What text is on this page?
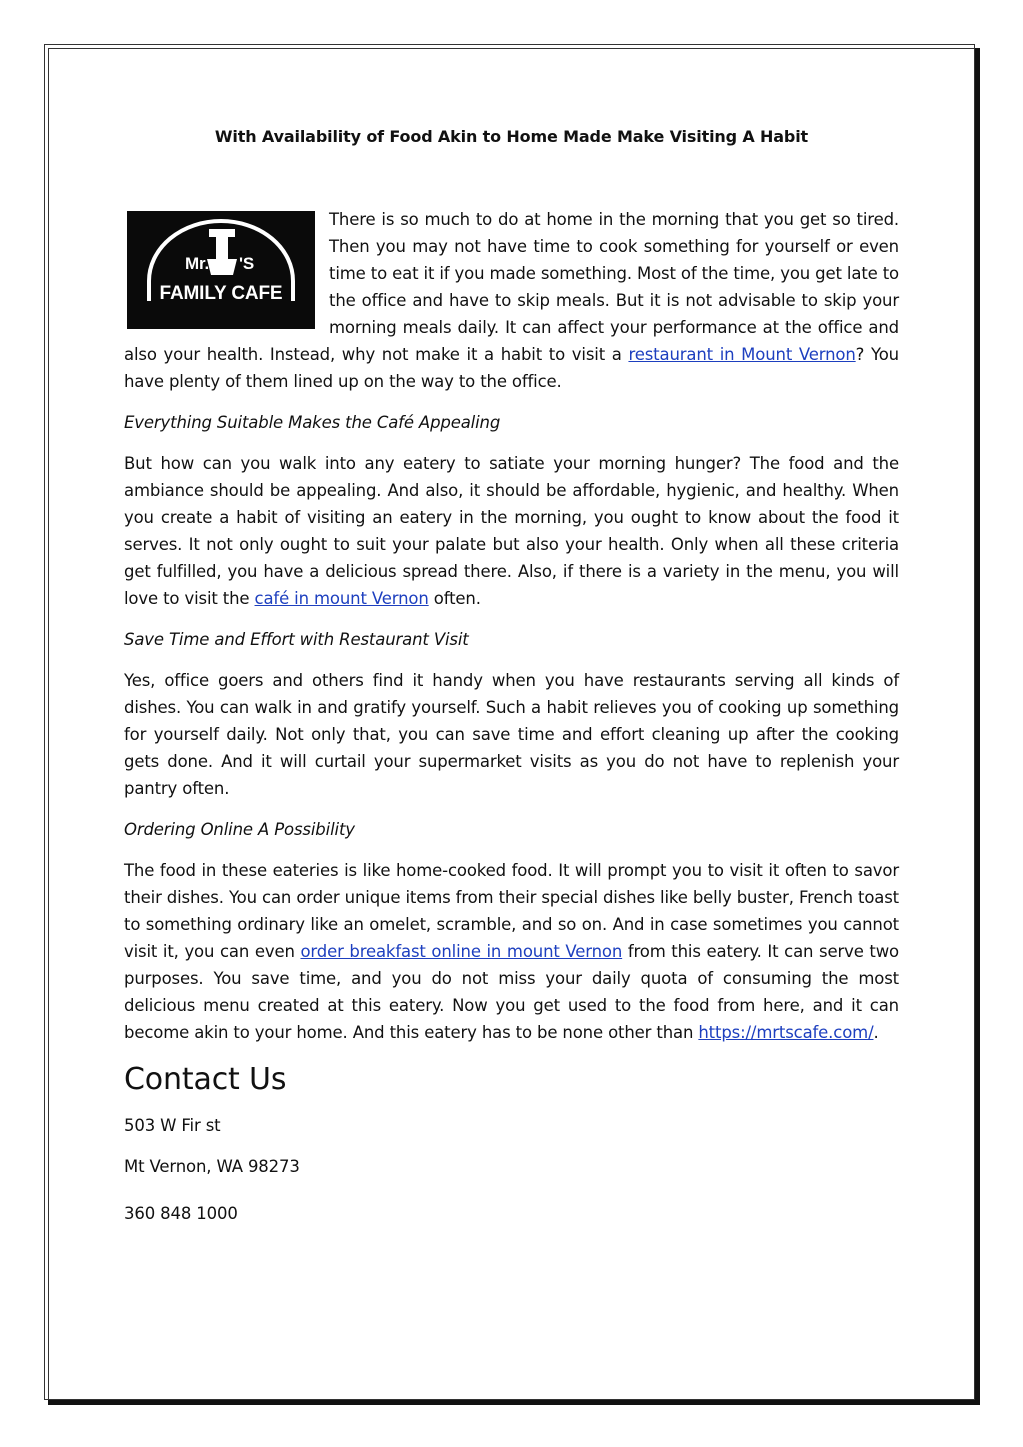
With Availability of Food Akin to Home Made Make Visiting A Habit
Mr. 'S
FAMILY CAFE

There is so much to do at home in the morning that you get so tired. Then you may not have time to cook something for yourself or even time to eat it if you made something. Most of the time, you get late to the office and have to skip meals. But it is not advisable to skip your morning meals daily. It can affect your performance at the office and also your health. Instead, why not make it a habit to visit a restaurant in Mount Vernon? You have plenty of them lined up on the way to the office.

Everything Suitable Makes the Café Appealing

But how can you walk into any eatery to satiate your morning hunger? The food and the ambiance should be appealing. And also, it should be affordable, hygienic, and healthy. When you create a habit of visiting an eatery in the morning, you ought to know about the food it serves. It not only ought to suit your palate but also your health. Only when all these criteria get fulfilled, you have a delicious spread there. Also, if there is a variety in the menu, you will love to visit the café in mount Vernon often.

Save Time and Effort with Restaurant Visit

Yes, office goers and others find it handy when you have restaurants serving all kinds of dishes. You can walk in and gratify yourself. Such a habit relieves you of cooking up something for yourself daily. Not only that, you can save time and effort cleaning up after the cooking gets done. And it will curtail your supermarket visits as you do not have to replenish your pantry often.

Ordering Online A Possibility

The food in these eateries is like home-cooked food. It will prompt you to visit it often to savor their dishes. You can order unique items from their special dishes like belly buster, French toast to something ordinary like an omelet, scramble, and so on. And in case sometimes you cannot visit it, you can even order breakfast online in mount Vernon from this eatery. It can serve two purposes. You save time, and you do not miss your daily quota of consuming the most delicious menu created at this eatery. Now you get used to the food from here, and it can become akin to your home. And this eatery has to be none other than https://mrtscafe.com/.

Contact Us

503 W Fir st

Mt Vernon, WA 98273

360 848 1000
